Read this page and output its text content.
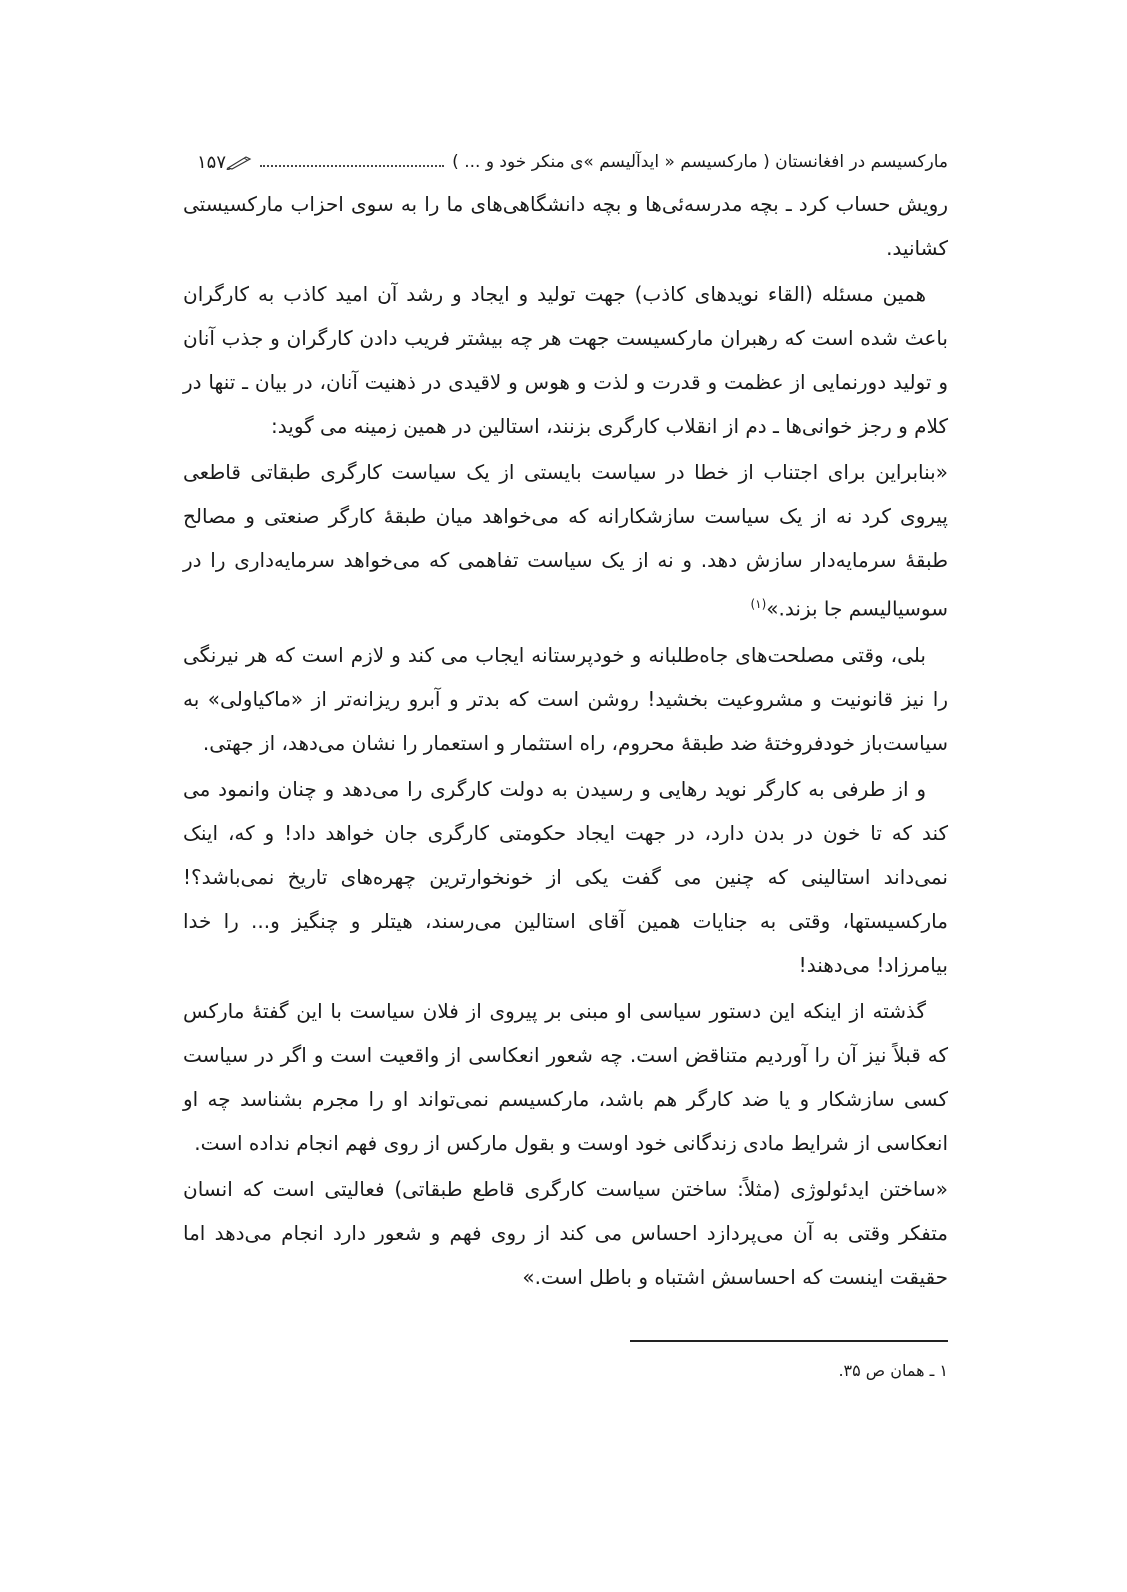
مارکسیسم در افغانستان ( مارکسیسم « ایدآلیسم »ی منکر خود و ... )
۱۵۷

رویش حساب کرد ـ بچه مدرسه‌ئی‌ها و بچه دانشگاهی‌های ما را به سوی احزاب مارکسیستی کشانید.

همین مسئله (القاء نویدهای کاذب) جهت تولید و ایجاد و رشد آن امید کاذب به کارگران باعث شده است که رهبران مارکسیست جهت هر چه بیشتر فریب دادن کارگران و جذب آنان و تولید دورنمایی از عظمت و قدرت و لذت و هوس و لاقیدی در ذهنیت آنان، در بیان ـ تنها در کلام و رجز خوانی‌ها ـ دم از انقلاب کارگری بزنند، استالین در همین زمینه می گوید:

«بنابراین برای اجتناب از خطا در سیاست بایستی از یک سیاست کارگری طبقاتی قاطعی پیروی کرد نه از یک سیاست سازشکارانه که می‌خواهد میان طبقهٔ کارگر صنعتی و مصالح طبقهٔ سرمایه‌دار سازش دهد. و نه از یک سیاست تفاهمی که می‌خواهد سرمایه‌داری را در سوسیالیسم جا بزند.»$^{(۱)}$

بلی، وقتی مصلحت‌های جاه‌طلبانه و خودپرستانه ایجاب می کند و لازم است که هر نیرنگی را نیز قانونیت و مشروعیت بخشید! روشن است که بدتر و آبرو ریزانه‌تر از «ماکیاولی» به سیاست‌باز خودفروختهٔ ضد طبقهٔ محروم، راه استثمار و استعمار را نشان می‌دهد، از جهتی.

و از طرفی به کارگر نوید رهایی و رسیدن به دولت کارگری را می‌دهد و چنان وانمود می کند که تا خون در بدن دارد، در جهت ایجاد حکومتی کارگری جان خواهد داد! و که، اینک نمی‌داند استالینی که چنین می گفت یکی از خونخوارترین چهره‌های تاریخ نمی‌باشد؟! مارکسیستها، وقتی به جنایات همین آقای استالین می‌رسند، هیتلر و چنگیز و... را خدا بیامرزاد! می‌دهند!

گذشته از اینکه این دستور سیاسی او مبنی بر پیروی از فلان سیاست با این گفتهٔ مارکس که قبلاً نیز آن را آوردیم متناقض است. چه شعور انعکاسی از واقعیت است و اگر در سیاست کسی سازشکار و یا ضد کارگر هم باشد، مارکسیسم نمی‌تواند او را مجرم بشناسد چه او انعکاسی از شرایط مادی زندگانی خود اوست و بقول مارکس از روی فهم انجام نداده است.

«ساختن ایدئولوژی (مثلاً: ساختن سیاست کارگری قاطع طبقاتی) فعالیتی است که انسان متفکر وقتی به آن می‌پردازد احساس می کند از روی فهم و شعور دارد انجام می‌دهد اما حقیقت اینست که احساسش اشتباه و باطل است.»

۱ ـ همان ص ۳۵.
